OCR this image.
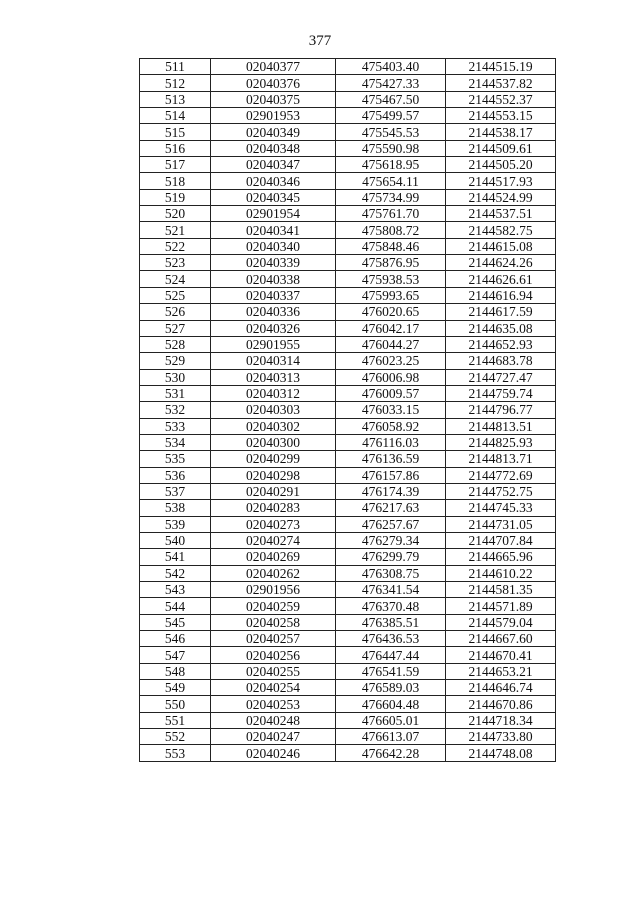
377
511	02040377	475403.40	2144515.19
512	02040376	475427.33	2144537.82
513	02040375	475467.50	2144552.37
514	02901953	475499.57	2144553.15
515	02040349	475545.53	2144538.17
516	02040348	475590.98	2144509.61
517	02040347	475618.95	2144505.20
518	02040346	475654.11	2144517.93
519	02040345	475734.99	2144524.99
520	02901954	475761.70	2144537.51
521	02040341	475808.72	2144582.75
522	02040340	475848.46	2144615.08
523	02040339	475876.95	2144624.26
524	02040338	475938.53	2144626.61
525	02040337	475993.65	2144616.94
526	02040336	476020.65	2144617.59
527	02040326	476042.17	2144635.08
528	02901955	476044.27	2144652.93
529	02040314	476023.25	2144683.78
530	02040313	476006.98	2144727.47
531	02040312	476009.57	2144759.74
532	02040303	476033.15	2144796.77
533	02040302	476058.92	2144813.51
534	02040300	476116.03	2144825.93
535	02040299	476136.59	2144813.71
536	02040298	476157.86	2144772.69
537	02040291	476174.39	2144752.75
538	02040283	476217.63	2144745.33
539	02040273	476257.67	2144731.05
540	02040274	476279.34	2144707.84
541	02040269	476299.79	2144665.96
542	02040262	476308.75	2144610.22
543	02901956	476341.54	2144581.35
544	02040259	476370.48	2144571.89
545	02040258	476385.51	2144579.04
546	02040257	476436.53	2144667.60
547	02040256	476447.44	2144670.41
548	02040255	476541.59	2144653.21
549	02040254	476589.03	2144646.74
550	02040253	476604.48	2144670.86
551	02040248	476605.01	2144718.34
552	02040247	476613.07	2144733.80
553	02040246	476642.28	2144748.08
